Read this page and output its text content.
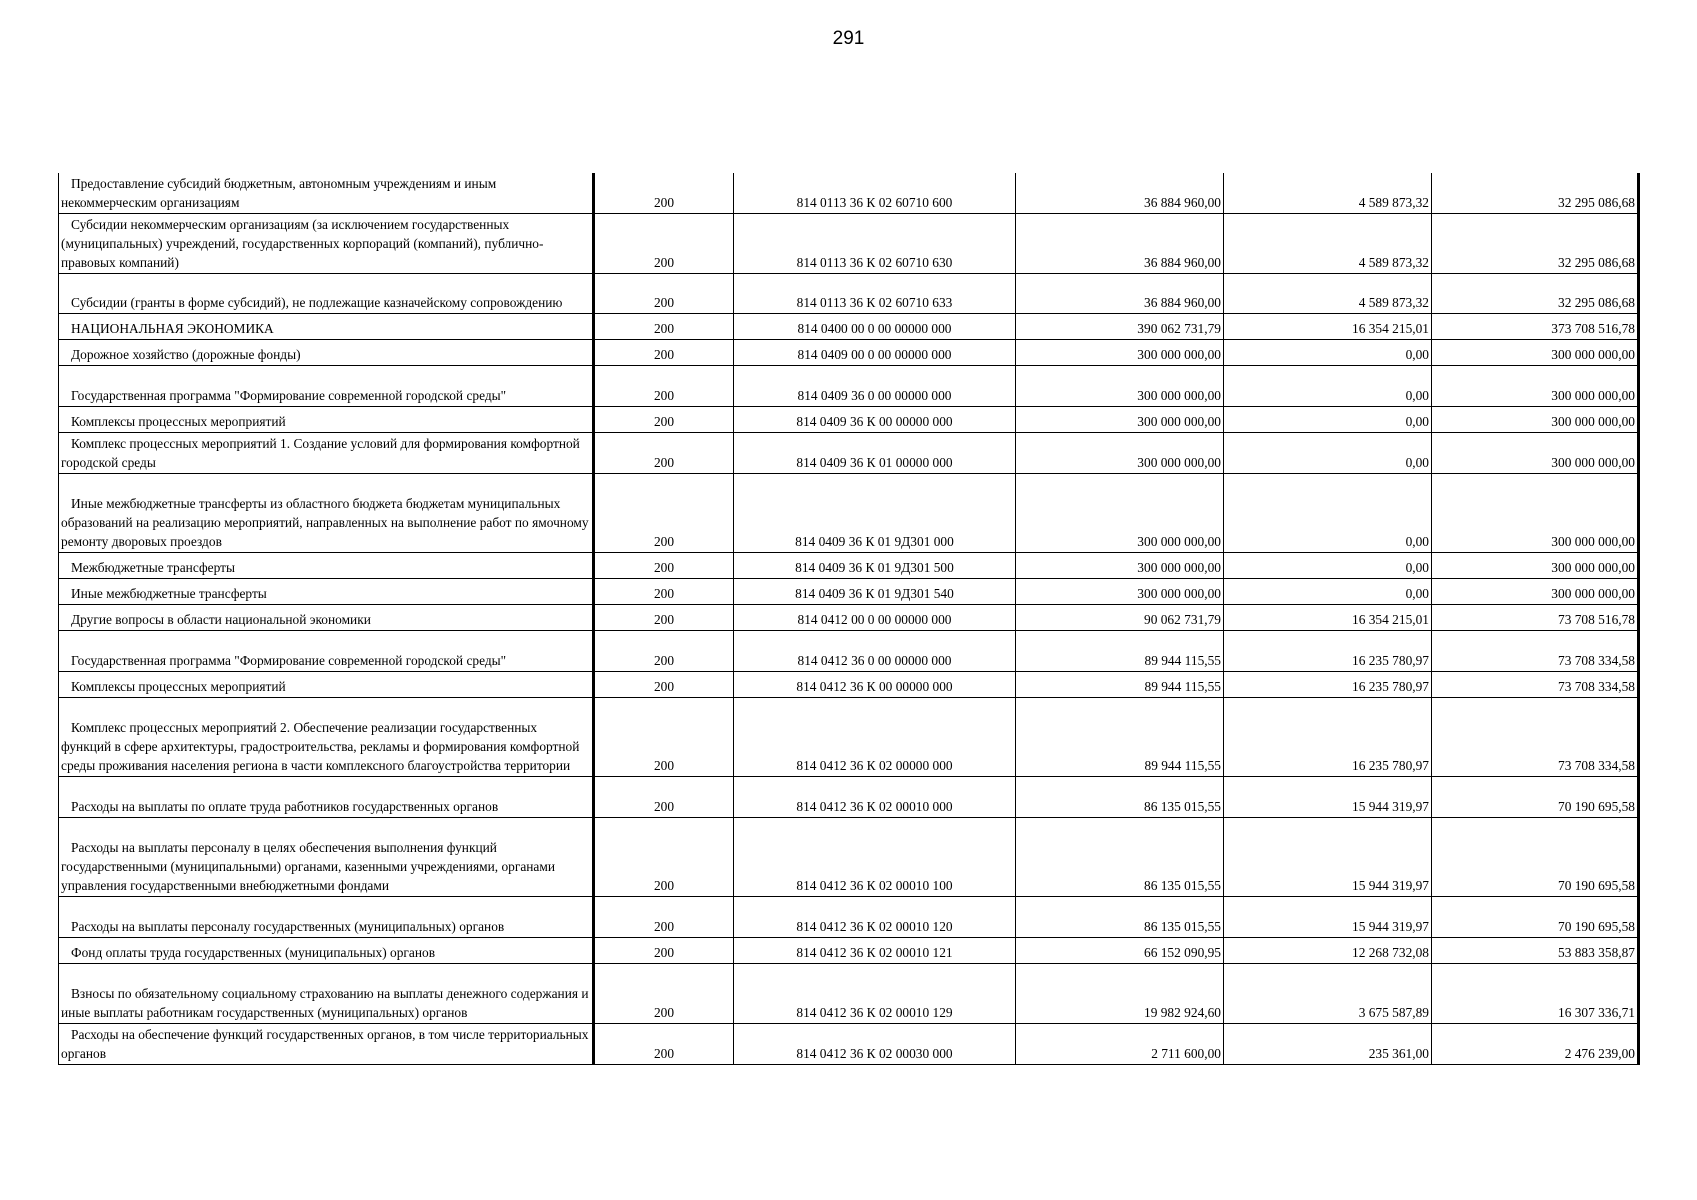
291
Предоставление субсидий бюджетным, автономным учреждениям и иным некоммерческим организациям	200	814 0113 36 К 02 60710 600	36 884 960,00	4 589 873,32	32 295 086,68

Субсидии некоммерческим организациям (за исключением государственных (муниципальных) учреждений, государственных корпораций (компаний), публично-правовых компаний)	200	814 0113 36 К 02 60710 630	36 884 960,00	4 589 873,32	32 295 086,68

Субсидии (гранты в форме субсидий), не подлежащие казначейскому сопровождению	200	814 0113 36 К 02 60710 633	36 884 960,00	4 589 873,32	32 295 086,68

НАЦИОНАЛЬНАЯ ЭКОНОМИКА	200	814 0400 00 0 00 00000 000	390 062 731,79	16 354 215,01	373 708 516,78

Дорожное хозяйство (дорожные фонды)	200	814 0409 00 0 00 00000 000	300 000 000,00	0,00	300 000 000,00

Государственная программа "Формирование современной городской среды"	200	814 0409 36 0 00 00000 000	300 000 000,00	0,00	300 000 000,00

Комплексы процессных мероприятий	200	814 0409 36 К 00 00000 000	300 000 000,00	0,00	300 000 000,00

Комплекс процессных мероприятий 1. Создание условий для формирования комфортной городской среды	200	814 0409 36 К 01 00000 000	300 000 000,00	0,00	300 000 000,00

Иные межбюджетные трансферты из областного бюджета бюджетам муниципальных образований на реализацию мероприятий, направленных на выполнение работ по ямочному ремонту дворовых проездов	200	814 0409 36 К 01 9Д301 000	300 000 000,00	0,00	300 000 000,00

Межбюджетные трансферты	200	814 0409 36 К 01 9Д301 500	300 000 000,00	0,00	300 000 000,00

Иные межбюджетные трансферты	200	814 0409 36 К 01 9Д301 540	300 000 000,00	0,00	300 000 000,00

Другие вопросы в области национальной экономики	200	814 0412 00 0 00 00000 000	90 062 731,79	16 354 215,01	73 708 516,78

Государственная программа "Формирование современной городской среды"	200	814 0412 36 0 00 00000 000	89 944 115,55	16 235 780,97	73 708 334,58

Комплексы процессных мероприятий	200	814 0412 36 К 00 00000 000	89 944 115,55	16 235 780,97	73 708 334,58

Комплекс процессных мероприятий 2. Обеспечение реализации государственных функций в сфере архитектуры, градостроительства, рекламы и формирования комфортной среды проживания населения региона в части комплексного благоустройства территории	200	814 0412 36 К 02 00000 000	89 944 115,55	16 235 780,97	73 708 334,58

Расходы на выплаты по оплате труда работников государственных органов	200	814 0412 36 К 02 00010 000	86 135 015,55	15 944 319,97	70 190 695,58

Расходы на выплаты персоналу в целях обеспечения выполнения функций государственными (муниципальными) органами, казенными учреждениями, органами управления государственными внебюджетными фондами	200	814 0412 36 К 02 00010 100	86 135 015,55	15 944 319,97	70 190 695,58

Расходы на выплаты персоналу государственных (муниципальных) органов	200	814 0412 36 К 02 00010 120	86 135 015,55	15 944 319,97	70 190 695,58

Фонд оплаты труда государственных (муниципальных) органов	200	814 0412 36 К 02 00010 121	66 152 090,95	12 268 732,08	53 883 358,87

Взносы по обязательному социальному страхованию на выплаты денежного содержания и иные выплаты работникам государственных (муниципальных) органов	200	814 0412 36 К 02 00010 129	19 982 924,60	3 675 587,89	16 307 336,71

Расходы на обеспечение функций государственных органов, в том числе территориальных органов	200	814 0412 36 К 02 00030 000	2 711 600,00	235 361,00	2 476 239,00
